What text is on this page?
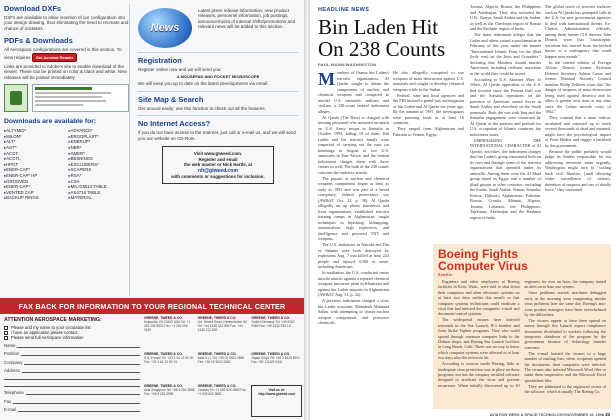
Download DXFs
DXFs are available to allow insertion of our configuration into your design drawing, thus eliminating the need to recreate and chance of mistakes.
PDFs & Downloads
All Aerospace configurations are covered in this section. To view requires Get Acrobat Reader
Links are provided to Adobe's site to enable download of the viewer. These can be printed on color & black and white. New releases will be posted immediately.
Downloads are available for:
▸ ALTYMID*	▸ ADVANCE*
▸ MILON*	▸ ERGOPLAST*
▸ ALT*	▸ ENERUP*
▸ AGT*	▸ NBR*
▸ ACGT	▸ AMER*
▸ ACGTL	▸ BESNINGS
▸ HPGT	▸ EXCLUDERS*
▸ ENER-CAP*	▸ SCAPERS
▸ ENER-CAP* HP	▸ RSA*
▸ GROOVED	▸ CSA
▸ ENER-CAP*	▸ MIL-G5514 TABLE
▸ VENTED CAP	▸ AS4716 TABLE
▸ BACKUP RINGS	▸ MATERIAL
News
Latest press release information, new product releases, personnel information, job postings, announcements of internal shifts/promotions and relevant news will be added to this section.
Registration
Register online now and we will send you:
A MOUSEPAD AND POCKET MICROSCOPE
We will keep you up to date on the latest developments via email.
Site Map & Search
Get around easily; use this function to check out all the features.
No Internet Access?
If you do not have access to the Internet, just call or e-mail us, and we will send you our website on CD-Rom.
Visit www.gtweed.com.
Register and email
the web master or Nick Hartle, at
nh@gtweed.com
with comments or suggestions for inclusion.
FAX BACK FOR INFORMATION TO YOUR REGIONAL TECHNICAL CENTER
ATTENTION AEROSPACE MARKETING:
Please add my name to your circulation list
I have an application please contact
Please send full Aerospace information
Name
Position
Company
Address
Telephone
Fax
E-mail
GREENE, TWEED & CO.
Kulpsville, PA 19443 USA Tel: +1 215 256 9521 Fax: +1 215 256 0189
GREENE, TWEED & CO.
Ltd. Sewell Road, Hertfordshire UK Tel: +44 1438 312 000 Fax: +44 1438 312 500
GREENE, TWEED & CO.
GmbH Germany Tel: +49 6152 9380 Fax: +49 6152 938 111
GREENE, TWEED & CO.
S.A. France Tel: +33 1 64 13 90 00 Fax: +33 1 64 13 90 13
GREENE, TWEED & CO.
Italia S.r.l. Tel: +39 02 9522 0880 Fax: +39 02 9522 0881
GREENE, TWEED & CO.
Japan Tokyo Tel: +81 3 5425 5301 Fax: +81 3 5425 5341
GREENE, TWEED & CO.
Asia Singapore Tel: +65 6 284 3888 Fax: +65 6 284 3999
GREENE, TWEED & CO.
Canada Tel: +1 905 825 3880 Fax: +1 905 825 3881
Visit us at: http://www.gtweed.com

Tunisia, Algeria, Bosnia, the Philippines and Azerbaijan. They also included the U.K., Kenya, Saudi Arabia and the Sudan, as well as the Chechnya region of Russia and the Kashmir region of India.

The latest indictment alleges that bin Laden and others issued a proclamation in February of this year, under the banner "International Islamic Front for the Jihad (holy war) on the Jews and Crusaders," declaring that Muslims should murder Americans, including civilians, anywhere in the world they could be found.

According to U.S. Attorney Mary Jo White, Al Qaeda opposition to the U.S. had focused since the Persian Gulf war and the Somalia operations on the presence of American armed forces in Saudi Arabia and elsewhere on the Saudi peninsula. Both the war with Iraq and the Somalia engagement were construed by Al Qaeda as the pretexts and prelude for U.S. occupation of Islamic countries, the indictment states.

EMPHASIZING THE INTERNATIONAL CHARACTER of Al Qaeda's activities, the indictment charges that bin Laden's group functioned both on its own and through some of the terrorist organizations that operated under its umbrella. Among them were the Al Jihad group based in Egypt and a number of jihad groups in other countries, including the Sudan, Saudi Arabia, Yemen, Somalia, Eritrea, Djibouti, Afghanistan, Pakistan, Bosnia, Croatia, Albania, Algeria, Tunisia, Lebanon, the Philippines, Tajikistan, Azerbaijan and the Kashmir region of India.

The global reach of terrorist enclaves such as Al Qaeda has prompted calls in the U.S. for new government agencies to deal with transnational threats. Ex-Clinton Administration officials, among them former CIA director John Deutch, warn that "catastrophic terrorism has moved from far-fetched horror to a contingency that could happen next month."

In the current edition of Foreign Affairs, Deutch, former Assistant Defense Secretary Ashton Carter and former National Security Council member Philip Zelikow warn that "the danger of weapons of mass destruction being used against America and its allies is greater now than at any time since the Cuban missile crisis of 1962."

They contend that a more radical, incubated and conjured up to reach several thousands of dead and maimed, might have the psychological impact of Pearl Harbor and trigger a backlash by the government.

Because the public probably would judge its leaders responsible for not addressing terrorism more urgently, Washington might turn to "scaling back civil liberties, [and] allowing wider surveillance of citizens, detention of suspects and use of deadly force," they cautioned.

HEADLINE NEWS
Bin Laden Hit On 238 Counts
PAUL MANN/WASHINGTON
M embers of Osama bin Laden's terrorist organization, Al Qaeda, sought to obtain the components of nuclear and chemical weapons and conspired to murder U.S. nationals, military and civilian, a 238-count federal indictment alleges.

Al Qaeda (The Base) is charged with training personnel who mounted an attack on U.S. Army troops in Somalia in October 1993, killing 18 of them. Bin Laden and his terrorist family were suspected of carrying out the twin car bombings in August of two U.S. embassies in East Africa, and the federal indictment charges them with those crimes as well. The bulk of the 238 counts concerns the embassy attacks.

The pursuit of nuclear and chemical weapons components began at least as early as 1993 and was part of a broad conspiracy, federal prosecutors say (AW&ST Oct. 12, p. 38). Al Qaeda allegedly set up phony businesses and front organizations, established terrorist training camps in Afghanistan, taught techniques in hijacking, kidnapping, assassination, high explosives, and intelligence and procured TNT and weapons.

The U.S. embassies in Nairobi and Dar es Salaam were both destroyed by explosions Aug. 7 that killed at least 224 people and injured 4,500 or more, including Americans.

In retaliation, the U.S. conducted cruise missile attacks against a reputed chemical weapons precursor plant in Khartoum and against bin Laden outposts in Afghanistan (AW&ST Aug. 31, p. 32).

A previous indictment charged a close bin Laden associate, Mamdouh Mahmud Salim, with attempting to obtain nuclear weapon components and precursor chemicals.

He also allegedly conspired to use weapons of mass destruction against U.S. nationals and sought to develop chemical weapons while in the Sudan.

Federal, state and local agencies and the FBI insisted a grand jury investigation of bin Laden and Al Qaeda ten years ago. By the autumn of 1997, the investigators were pursuing leads in at least 16 countries.

They ranged from Afghanistan and Pakistan to Yemen, Egypt,

Boeing Fights
Computer Virus
Seattle

Engineers and other employees at Boeing facilities in Kent, Wash., were told to shut down their computers and other electronic systems on at least two days earlier this month so that computer systems technicians could eradicate a virus that had infected the companies' e-mail and document-control systems.

The widespread viruses have infected terminals in the Sea Launch, B-1 bomber and Joint Strike Fighter programs. They also could spread through common computer links to the Delmar shops, and Boeing Sea Launch facilities in Long Beach, Calif. There was no way to know which computer systems were affected or at least two days after the infection hit.

According to sources inside Boeing, little or inadequate virus protection was in place on these programs, nor has the company certified software designed to eradicate the virus and prevent recurrence. When initially discovered up to 10 engineers for over an hour, the company issued an alert on at least one system.

Once problems started, machines debugged early in the morning were reappearing similar virus problems later the same day. Boeing's anti-virus product managers have been overwhelmed by the difficulties.

The viruses appear to have been spread en masse through Sea Launch export compliance documents distributed to workers following the temporary shutdown of the program by the government because of technology transfer concerns.

The e-mail hoisted the viruses to a large number of mailing lists; when recipients opened the documents, their computers were infected. The viruses also infected Microsoft Word files or make them inoperative, and the Microsoft Excel spreadsheet files.

They are addressed to the registered owner of the software, which is usually The Boeing Co.

AVIATION WEEK & SPACE TECHNOLOGY/NOVEMBER 16, 1998 33
